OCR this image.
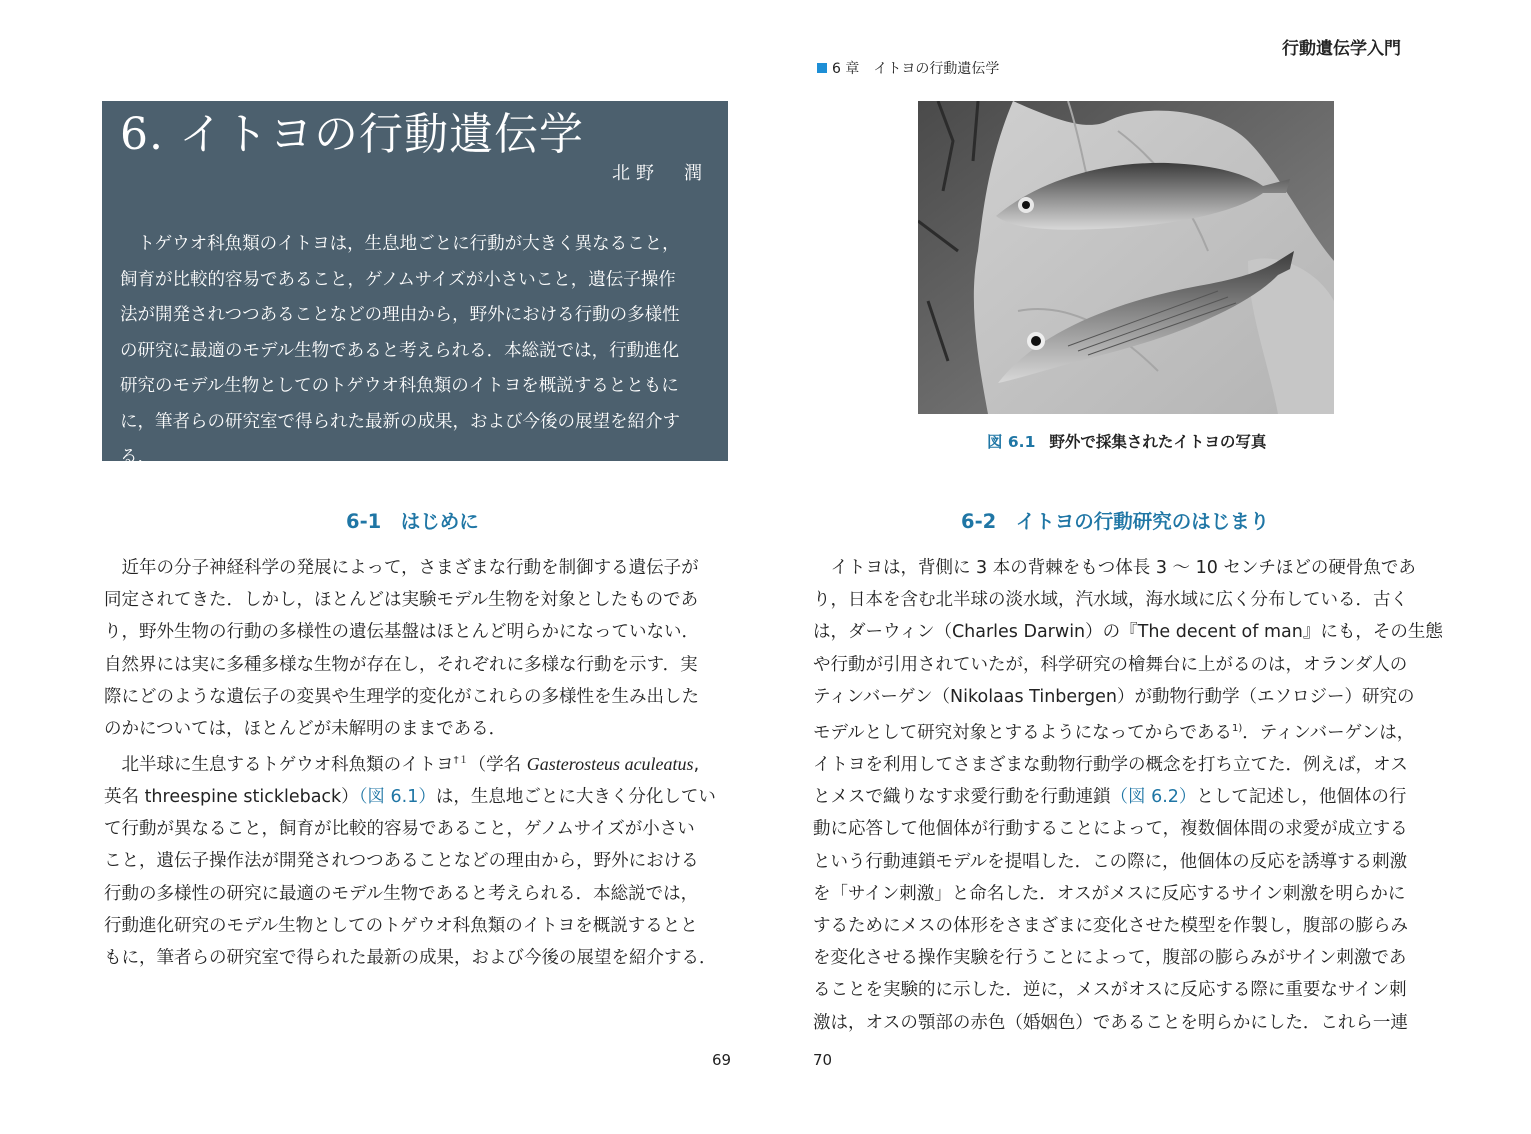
6. イトヨの行動遺伝学
北野　潤

トゲウオ科魚類のイトヨは，生息地ごとに行動が大きく異なること，
飼育が比較的容易であること，ゲノムサイズが小さいこと，遺伝子操作
法が開発されつつあることなどの理由から，野外における行動の多様性
の研究に最適のモデル生物であると考えられる．本総説では，行動進化
研究のモデル生物としてのトゲウオ科魚類のイトヨを概説するとともに
に，筆者らの研究室で得られた最新の成果，および今後の展望を紹介す
る．

6-1　はじめに
近年の分子神経科学の発展によって，さまざまな行動を制御する遺伝子が
同定されてきた．しかし，ほとんどは実験モデル生物を対象としたものであ
り，野外生物の行動の多様性の遺伝基盤はほとんど明らかになっていない．
自然界には実に多種多様な生物が存在し，それぞれに多様な行動を示す．実
際にどのような遺伝子の変異や生理学的変化がこれらの多様性を生み出した
のかについては，ほとんどが未解明のままである．
北半球に生息するトゲウオ科魚類のイトヨ$^{\dagger 1}$（学名 Gasterosteus aculeatus,
英名 threespine stickleback）（図 6.1）は，生息地ごとに大きく分化してい
て行動が異なること，飼育が比較的容易であること，ゲノムサイズが小さい
こと，遺伝子操作法が開発されつつあることなどの理由から，野外における
行動の多様性の研究に最適のモデル生物であると考えられる．本総説では，
行動進化研究のモデル生物としてのトゲウオ科魚類のイトヨを概説するとと
もに，筆者らの研究室で得られた最新の成果，および今後の展望を紹介する．
69
行動遺伝学入門
6 章　イトヨの行動遺伝学
図 6.1 野外で採集されたイトヨの写真
6-2　イトヨの行動研究のはじまり
イトヨは，背側に 3 本の背棘をもつ体長 3 ～ 10 センチほどの硬骨魚であ
り，日本を含む北半球の淡水域，汽水域，海水域に広く分布している．古く
は，ダーウィン（Charles Darwin）の『The decent of man』にも，その生態
や行動が引用されていたが，科学研究の檜舞台に上がるのは，オランダ人の
ティンバーゲン（Nikolaas Tinbergen）が動物行動学（エソロジー）研究の
モデルとして研究対象とするようになってからである$^{1)}$．ティンバーゲンは，
イトヨを利用してさまざまな動物行動学の概念を打ち立てた．例えば，オス
とメスで織りなす求愛行動を行動連鎖（図 6.2）として記述し，他個体の行
動に応答して他個体が行動することによって，複数個体間の求愛が成立する
という行動連鎖モデルを提唱した．この際に，他個体の反応を誘導する刺激
を「サイン刺激」と命名した．オスがメスに反応するサイン刺激を明らかに
するためにメスの体形をさまざまに変化させた模型を作製し，腹部の膨らみ
を変化させる操作実験を行うことによって，腹部の膨らみがサイン刺激であ
ることを実験的に示した．逆に，メスがオスに反応する際に重要なサイン刺
激は，オスの顎部の赤色（婚姻色）であることを明らかにした．これら一連
70
